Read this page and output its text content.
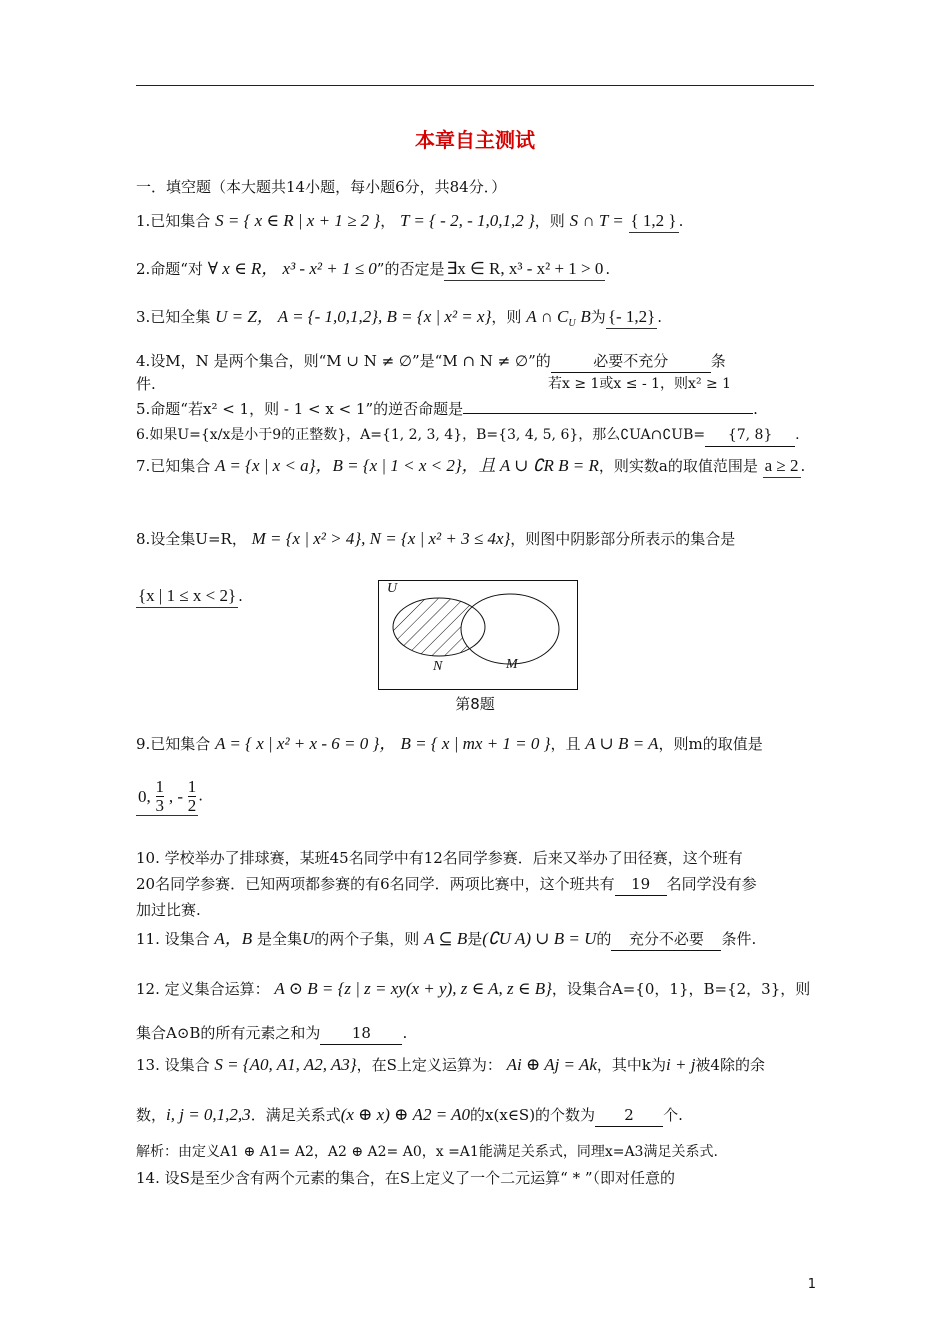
本章自主测试
一．填空题（本大题共14小题，每小题6分，共84分．）
1.已知集合 S = { x ∈ R | x + 1 ≥ 2 }， T = { - 2, - 1,0,1,2 }，则 S ∩ T = { 1,2 } .
2.命题“对 ∀ x ∈ R， x³ - x² + 1 ≤ 0”的否定是 ∃x ∈ R, x³ - x² + 1 > 0 .
3.已知全集 U = Z， A = {- 1,0,1,2}, B = {x | x² = x}，则 A ∩ $C_U$ B为 {- 1,2} .
4.设M，N 是两个集合，则“M ∪ N ≠ ∅”是“M ∩ N ≠ ∅”的	必要不充分	条
件.	若x ≥ 1或x ≤ - 1，则x² ≥ 1
5.命题“若x² < 1，则 - 1 < x < 1”的逆否命题是	.
6.如果U={x/x是小于9的正整数}，A={1, 2, 3, 4}，B={3, 4, 5, 6}，那么∁UA∩∁UB= {7, 8} .
7.已知集合 A = {x | x < a}，B = {x | 1 < x < 2}，且 A ∪ ∁R B = R，则实数a的取值范围是 a ≥ 2 .
8.设全集U=R， M = {x | x² > 4}, N = {x | x² + 3 ≤ 4x}，则图中阴影部分所表示的集合是
{x | 1 ≤ x < 2} .	U
N	M
第8题
9.已知集合 A = { x | x² + x - 6 = 0 }， B = { x | mx + 1 = 0 }，且 A ∪ B = A，则m的取值是
0, $\frac{1}{3}$ , - $\frac{1}{2}$ .
10. 学校举办了排球赛，某班45名同学中有12名同学参赛．后来又举办了田径赛，这个班有
20名同学参赛．已知两项都参赛的有6名同学．两项比赛中，这个班共有 19 名同学没有参
加过比赛.
11. 设集合 A，B 是全集U的两个子集，则 A ⊆ B是(∁U A) ∪ B = U的 充分不必要 条件.
12. 定义集合运算： A ⊙ B = {z | z = xy(x + y), z ∈ A, z ∈ B}，设集合A={0，1}，B={2，3}，则
集合A⊙B的所有元素之和为 18 .
13. 设集合 S = {A0, A1, A2, A3}，在S上定义运算为： Ai ⊕ Aj = Ak，其中k为i + j被4除的余
数，i, j = 0,1,2,3．满足关系式(x ⊕ x) ⊕ A2 = A0的x(x∈S)的个数为 2 个.
解析：由定义A1 ⊕ A1= A2，A2 ⊕ A2= A0，x =A1能满足关系式，同理x=A3满足关系式.
14. 设S是至少含有两个元素的集合，在S上定义了一个二元运算“ * ”（即对任意的
1
